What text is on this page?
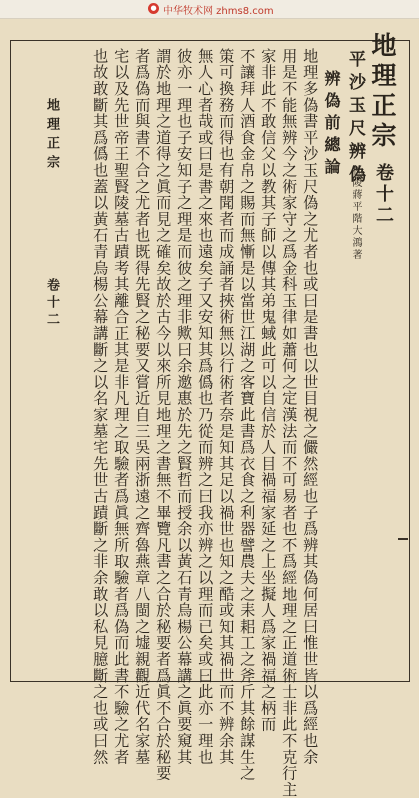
● 中华牧术网 zhms8.com
地理正宗
卷十二
平沙玉尺辨偽
杜陵蔣平階大鴻著
辨偽前總論
地理多偽書平沙玉尺偽之尤者也或曰是書也以世目視之儼然經也子爲辨其偽何居曰惟世皆以爲經也余
用是不能無辨今之術家守之爲金科玉律如蕭何之定漢法而不可易者也不爲經地理之正道術士非此不克行主
家非此不敢信父以教其子師以傳其弟鬼蜮此可以自信於人目禍福家延之上坐擬人爲家禍福之柄而
不讓拜人酒食金帛之賜而無慚是以當世江湖之客寶此書爲衣食之利器譬農夫之耒耜工之斧斤其餘謀生之
策可換務而得也有朝聞者而成誦者挾術無以行術者奈是知其足以禍世也知之酷或知其禍世而不辨余其
無人心者哉或曰是書之來也遠矣子又安知其爲僞也乃從而辨之曰我亦辨之以理而已矣或曰此亦一理也
彼亦一理也子安知子之理是而彼之理非歟曰余邀惠於先之賢哲而授余以黃石青烏楊公幕講之眞要窺其
謂於地理之道得之眞而見之確矣故於古今以來所見地理之書無不畢覽凡書之合於秘要者爲眞不合於秘要
者爲偽而與書不合之尤者也既得先賢之秘要又嘗近自三吳兩浙遠之齊魯燕章八閩之墟親觀近代名家墓
宅以及先世帝王聖賢陵墓古蹟考其離合正其是非凡理之取驗者爲眞無所取驗者爲偽而此書不驗之尤者
也故敢斷其爲僞也蓋以黃石青烏楊公幕講斷之以名家墓宅先世古蹟斷之非余敢以私見臆斷之也或曰然
地理正宗
卷十二
